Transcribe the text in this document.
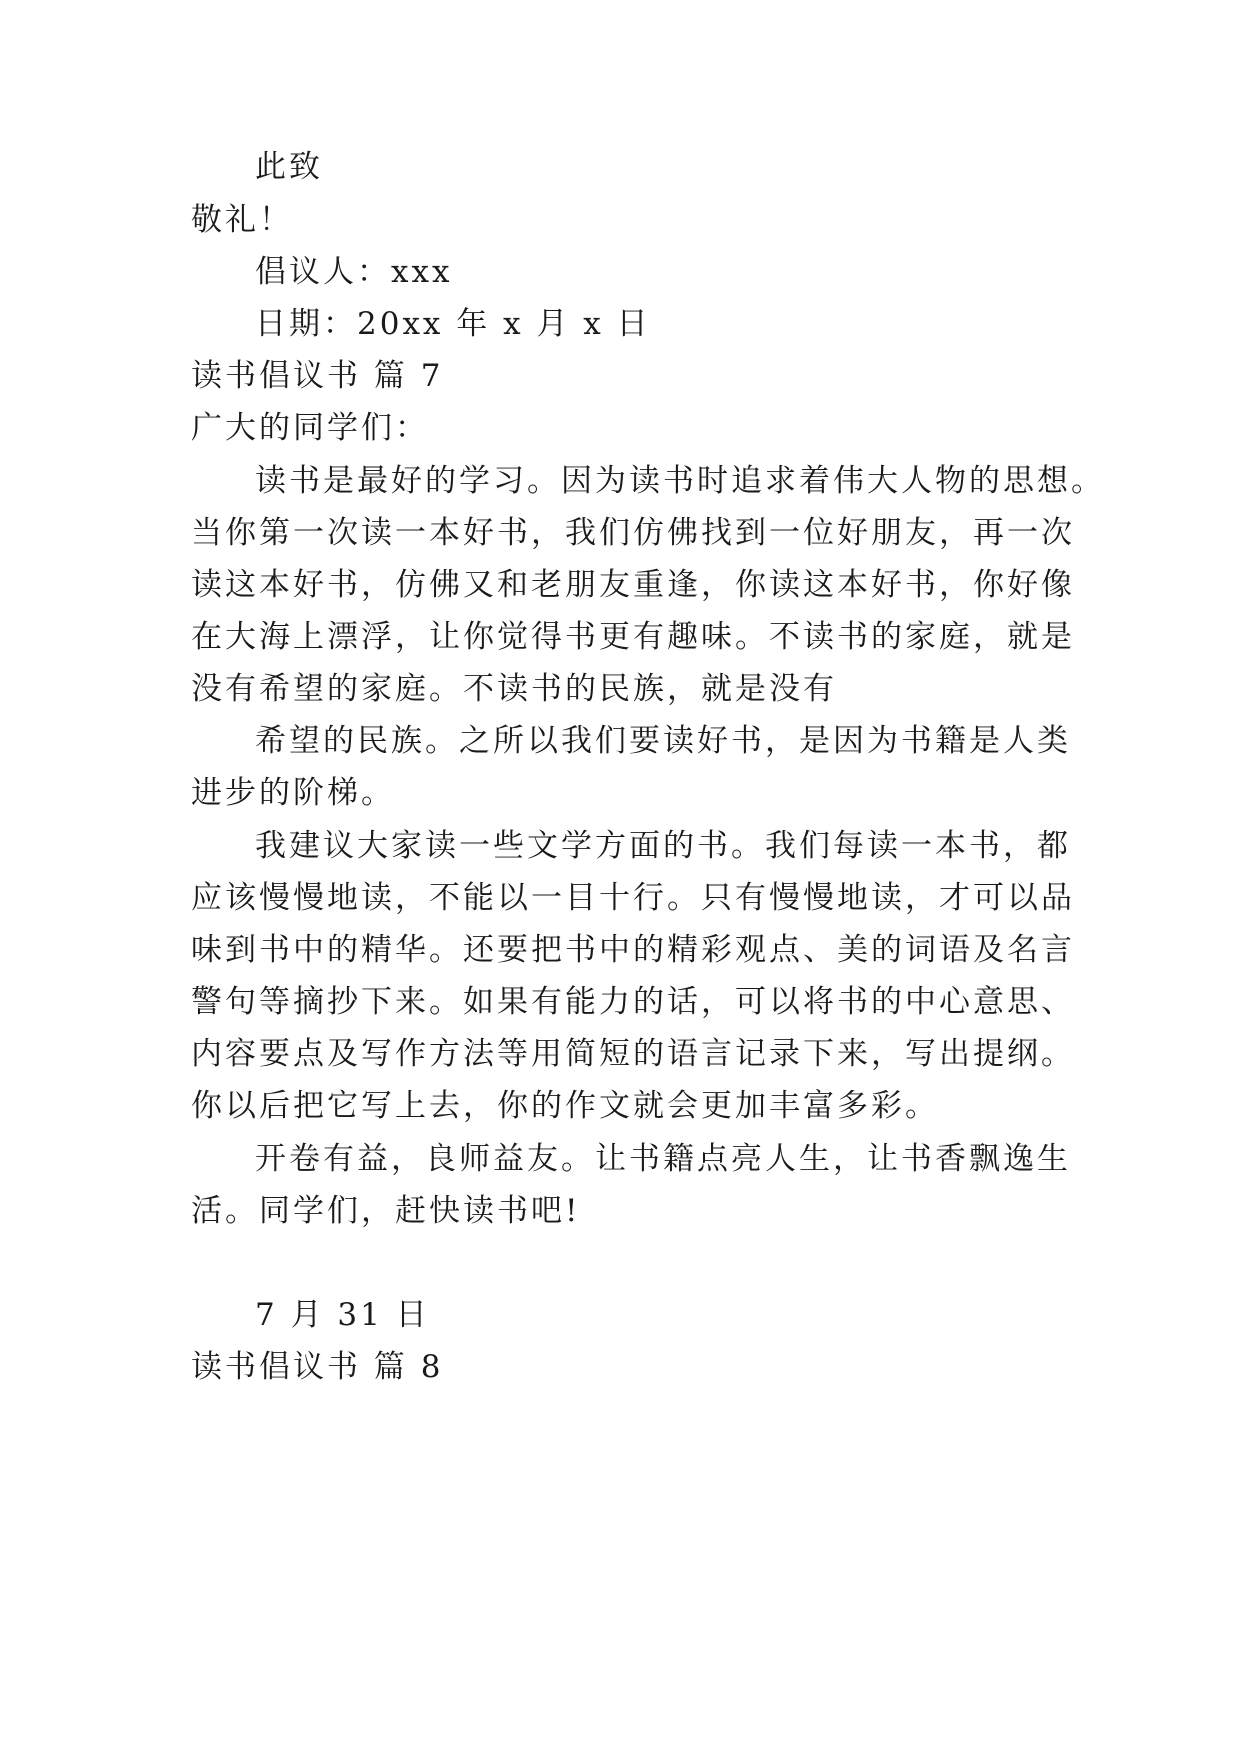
此致

敬礼！

倡议人：xxx

日期：20xx 年 x 月 x 日

读书倡议书 篇 7

广大的同学们：

读书是最好的学习。因为读书时追求着伟大人物的思想。

当你第一次读一本好书，我们仿佛找到一位好朋友，再一次

读这本好书，仿佛又和老朋友重逢，你读这本好书，你好像

在大海上漂浮，让你觉得书更有趣味。不读书的家庭，就是

没有希望的家庭。不读书的民族，就是没有

希望的民族。之所以我们要读好书，是因为书籍是人类

进步的阶梯。

我建议大家读一些文学方面的书。我们每读一本书，都

应该慢慢地读，不能以一目十行。只有慢慢地读，才可以品

味到书中的精华。还要把书中的精彩观点、美的词语及名言

警句等摘抄下来。如果有能力的话，可以将书的中心意思、

内容要点及写作方法等用简短的语言记录下来，写出提纲。

你以后把它写上去，你的作文就会更加丰富多彩。

开卷有益，良师益友。让书籍点亮人生，让书香飘逸生

活。同学们，赶快读书吧!

7 月 31 日

读书倡议书 篇 8
